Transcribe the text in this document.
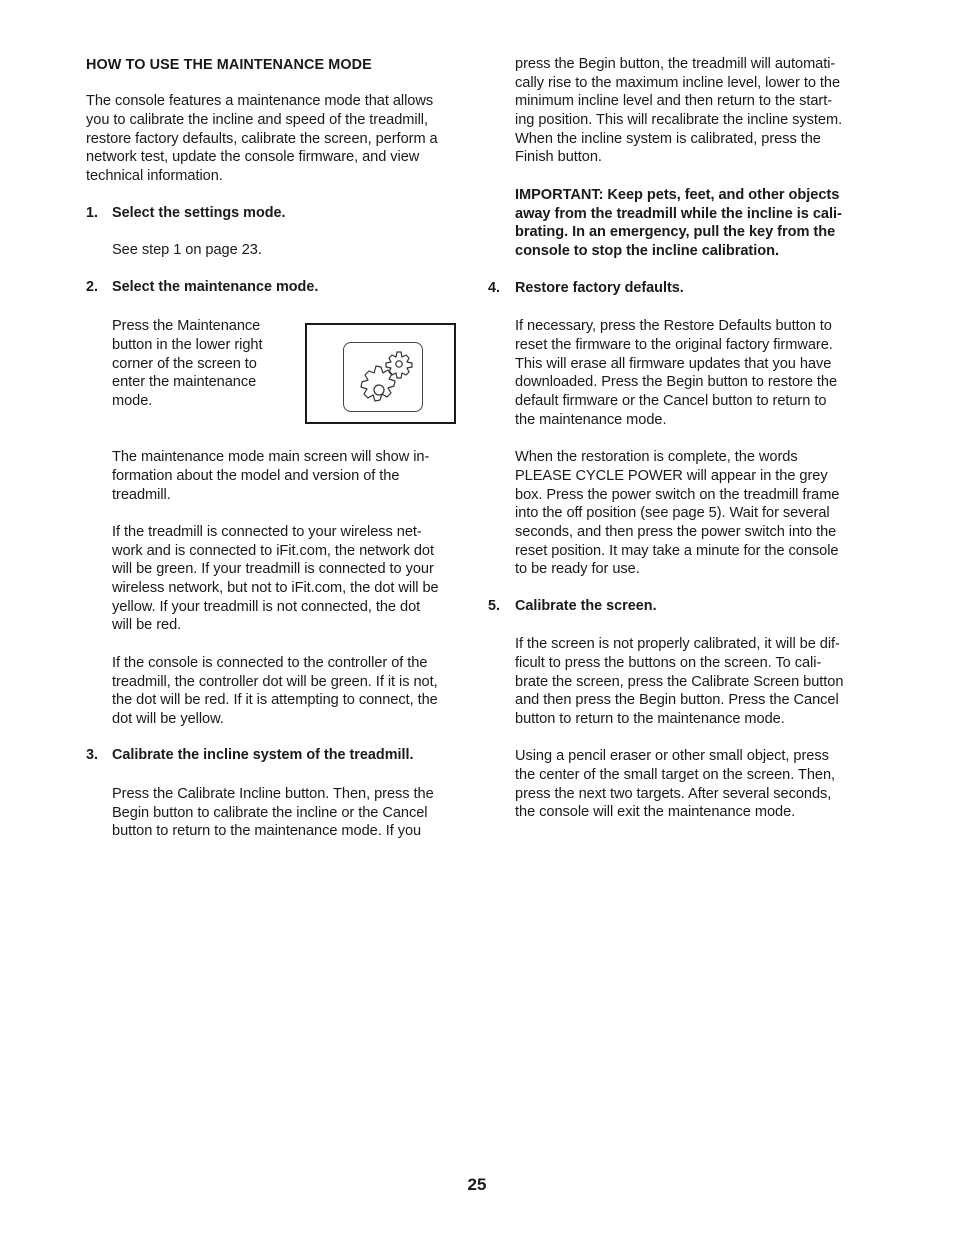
HOW TO USE THE MAINTENANCE MODE
The console features a maintenance mode that allows
you to calibrate the incline and speed of the treadmill,
restore factory defaults, calibrate the screen, perform a
network test, update the console firmware, and view
technical information.
1. Select the settings mode.
See step 1 on page 23.
2. Select the maintenance mode.
Press the Maintenance
button in the lower right
corner of the screen to
enter the maintenance
mode.
The maintenance mode main screen will show in-
formation about the model and version of the
treadmill.
If the treadmill is connected to your wireless net-
work and is connected to iFit.com, the network dot
will be green. If your treadmill is connected to your
wireless network, but not to iFit.com, the dot will be
yellow. If your treadmill is not connected, the dot
will be red.
If the console is connected to the controller of the
treadmill, the controller dot will be green. If it is not,
the dot will be red. If it is attempting to connect, the
dot will be yellow.
3. Calibrate the incline system of the treadmill.
Press the Calibrate Incline button. Then, press the
Begin button to calibrate the incline or the Cancel
button to return to the maintenance mode. If you
press the Begin button, the treadmill will automati-
cally rise to the maximum incline level, lower to the
minimum incline level and then return to the start-
ing position. This will recalibrate the incline system.
When the incline system is calibrated, press the
Finish button.
IMPORTANT: Keep pets, feet, and other objects
away from the treadmill while the incline is cali-
brating. In an emergency, pull the key from the
console to stop the incline calibration.
4. Restore factory defaults.
If necessary, press the Restore Defaults button to
reset the firmware to the original factory firmware.
This will erase all firmware updates that you have
downloaded. Press the Begin button to restore the
default firmware or the Cancel button to return to
the maintenance mode.
When the restoration is complete, the words
PLEASE CYCLE POWER will appear in the grey
box. Press the power switch on the treadmill frame
into the off position (see page 5). Wait for several
seconds, and then press the power switch into the
reset position. It may take a minute for the console
to be ready for use.
5. Calibrate the screen.
If the screen is not properly calibrated, it will be dif-
ficult to press the buttons on the screen. To cali-
brate the screen, press the Calibrate Screen button
and then press the Begin button. Press the Cancel
button to return to the maintenance mode.
Using a pencil eraser or other small object, press
the center of the small target on the screen. Then,
press the next two targets. After several seconds,
the console will exit the maintenance mode.
25
